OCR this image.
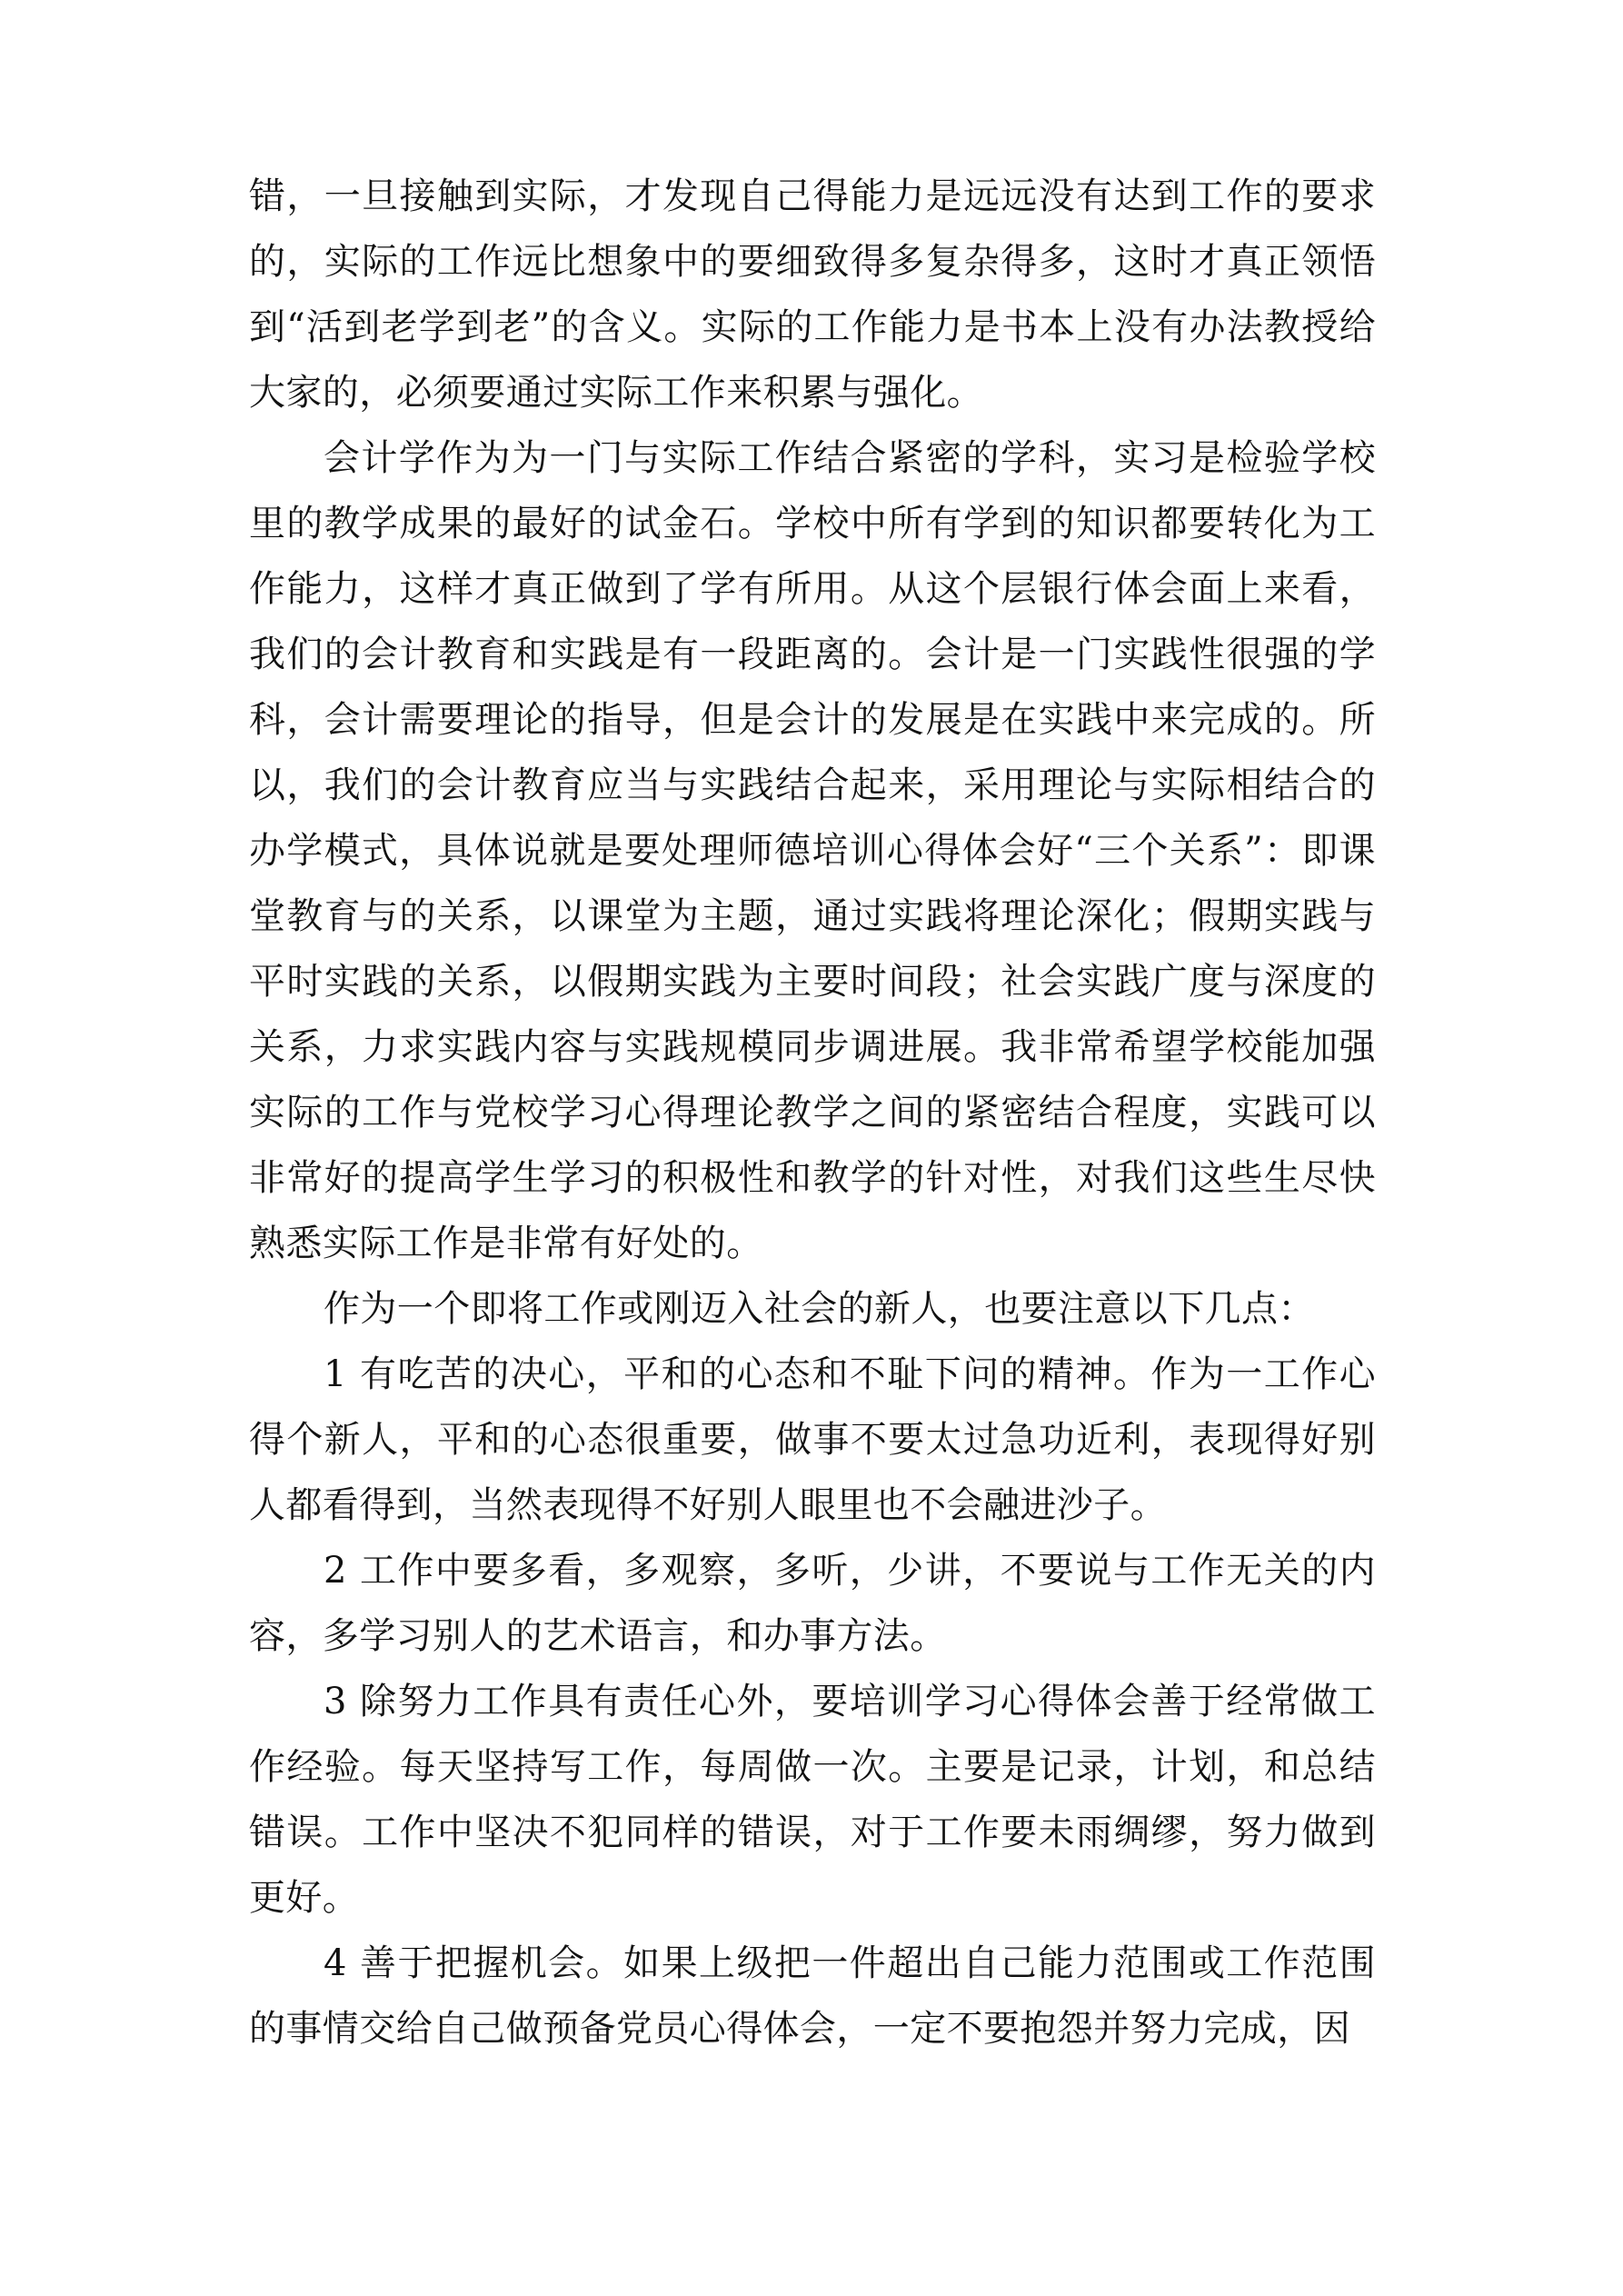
错，一旦接触到实际，才发现自己得能力是远远没有达到工作的要求的，实际的工作远比想象中的要细致得多复杂得多，这时才真正领悟到“活到老学到老”的含义。实际的工作能力是书本上没有办法教授给大家的，必须要通过实际工作来积累与强化。

会计学作为为一门与实际工作结合紧密的学科，实习是检验学校里的教学成果的最好的试金石。学校中所有学到的知识都要转化为工作能力，这样才真正做到了学有所用。从这个层银行体会面上来看，我们的会计教育和实践是有一段距离的。会计是一门实践性很强的学科，会计需要理论的指导，但是会计的发展是在实践中来完成的。所以，我们的会计教育应当与实践结合起来，采用理论与实际相结合的办学模式，具体说就是要处理师德培训心得体会好“三个关系”：即课堂教育与的关系，以课堂为主题，通过实践将理论深化；假期实践与平时实践的关系，以假期实践为主要时间段；社会实践广度与深度的关系，力求实践内容与实践规模同步调进展。我非常希望学校能加强实际的工作与党校学习心得理论教学之间的紧密结合程度，实践可以非常好的提高学生学习的积极性和教学的针对性，对我们这些生尽快熟悉实际工作是非常有好处的。

作为一个即将工作或刚迈入社会的新人，也要注意以下几点：

1 有吃苦的决心，平和的心态和不耻下问的精神。作为一工作心得个新人，平和的心态很重要，做事不要太过急功近利，表现得好别人都看得到，当然表现得不好别人眼里也不会融进沙子。

2 工作中要多看，多观察，多听，少讲，不要说与工作无关的内容，多学习别人的艺术语言，和办事方法。

3 除努力工作具有责任心外，要培训学习心得体会善于经常做工作经验。每天坚持写工作，每周做一次。主要是记录，计划，和总结错误。工作中坚决不犯同样的错误，对于工作要未雨绸缪，努力做到更好。

4 善于把握机会。如果上级把一件超出自己能力范围或工作范围的事情交给自己做预备党员心得体会，一定不要抱怨并努力完成，因
